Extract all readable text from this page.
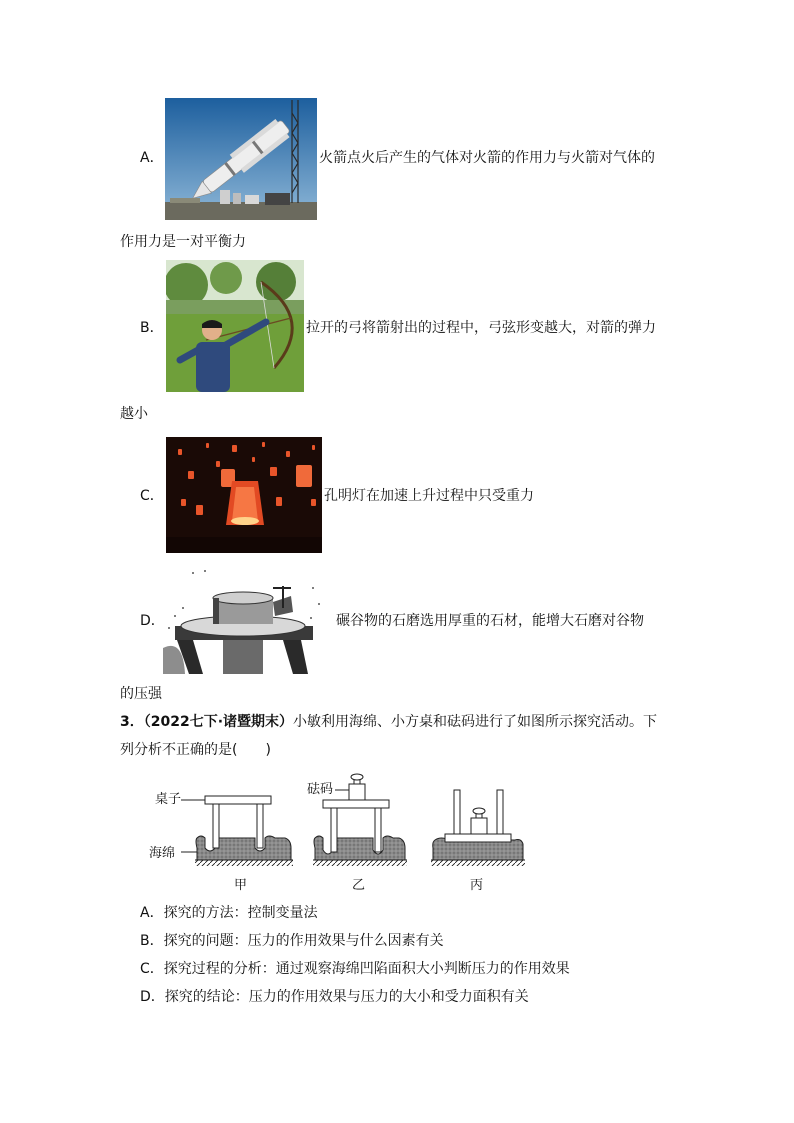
A．	火箭点火后产生的气体对火箭的作用力与火箭对气体的
作用力是一对平衡力
B．	拉开的弓将箭射出的过程中，弓弦形变越大，对箭的弹力
越小
C．	孔明灯在加速上升过程中只受重力
D．	碾谷物的石磨选用厚重的石材，能增大石磨对谷物
的压强
3．（2022七下·诸暨期末）小敏利用海绵、小方桌和砝码进行了如图所示探究活动。下
列分析不正确的是(　　)
桌子
砝码
海绵
甲	乙	丙
A．探究的方法：控制变量法
B．探究的问题：压力的作用效果与什么因素有关
C．探究过程的分析：通过观察海绵凹陷面积大小判断压力的作用效果
D．探究的结论：压力的作用效果与压力的大小和受力面积有关
